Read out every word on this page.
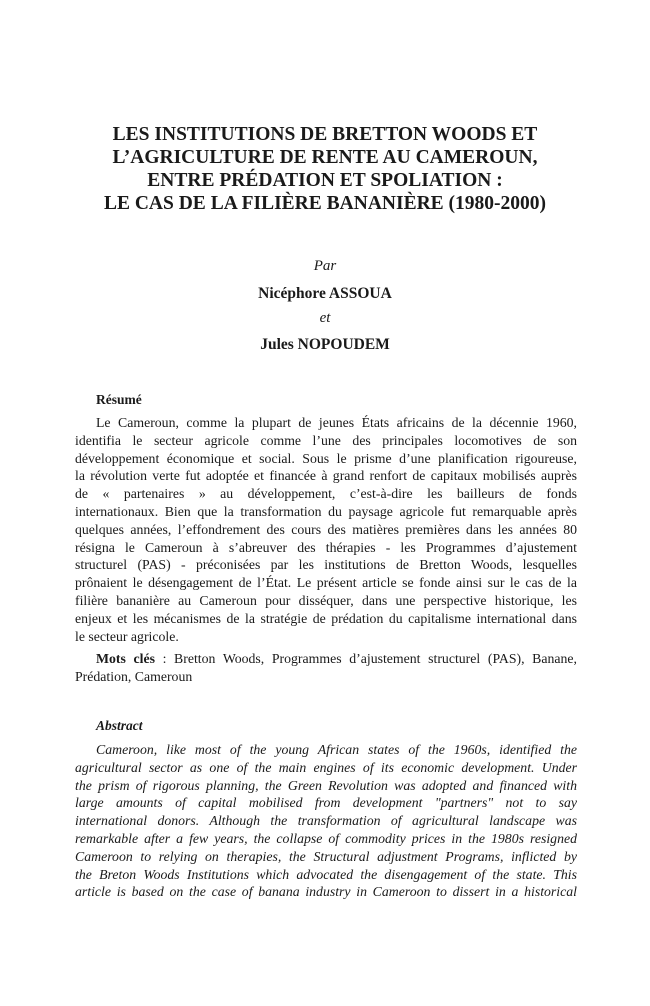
LES INSTITUTIONS DE BRETTON WOODS ET
L’AGRICULTURE DE RENTE AU CAMEROUN,
ENTRE PRÉDATION ET SPOLIATION :
LE CAS DE LA FILIÈRE BANANIÈRE (1980-2000)
Par
Nicéphore ASSOUA
et
Jules NOPOUDEM
Résumé
Le Cameroun, comme la plupart de jeunes États africains de la décennie 1960,
identifia le secteur agricole comme l’une des principales locomotives de son
développement économique et social. Sous le prisme d’une planification rigoureuse,
la révolution verte fut adoptée et financée à grand renfort de capitaux mobilisés auprès
de « partenaires » au développement, c’est-à-dire les bailleurs de fonds
internationaux. Bien que la transformation du paysage agricole fut remarquable après
quelques années, l’effondrement des cours des matières premières dans les années 80
résigna le Cameroun à s’abreuver des thérapies - les Programmes d’ajustement
structurel (PAS) - préconisées par les institutions de Bretton Woods, lesquelles
prônaient le désengagement de l’État. Le présent article se fonde ainsi sur le cas de la
filière bananière au Cameroun pour disséquer, dans une perspective historique, les
enjeux et les mécanismes de la stratégie de prédation du capitalisme international dans
le secteur agricole.
Mots clés : Bretton Woods, Programmes d’ajustement structurel (PAS), Banane,
Prédation, Cameroun
Abstract
Cameroon, like most of the young African states of the 1960s, identified the
agricultural sector as one of the main engines of its economic development. Under
the prism of rigorous planning, the Green Revolution was adopted and financed with
large amounts of capital mobilised from development "partners" not to say
international donors. Although the transformation of agricultural landscape was
remarkable after a few years, the collapse of commodity prices in the 1980s resigned
Cameroon to relying on therapies, the Structural adjustment Programs, inflicted by
the Breton Woods Institutions which advocated the disengagement of the state. This
article is based on the case of banana industry in Cameroon to dissert in a historical
